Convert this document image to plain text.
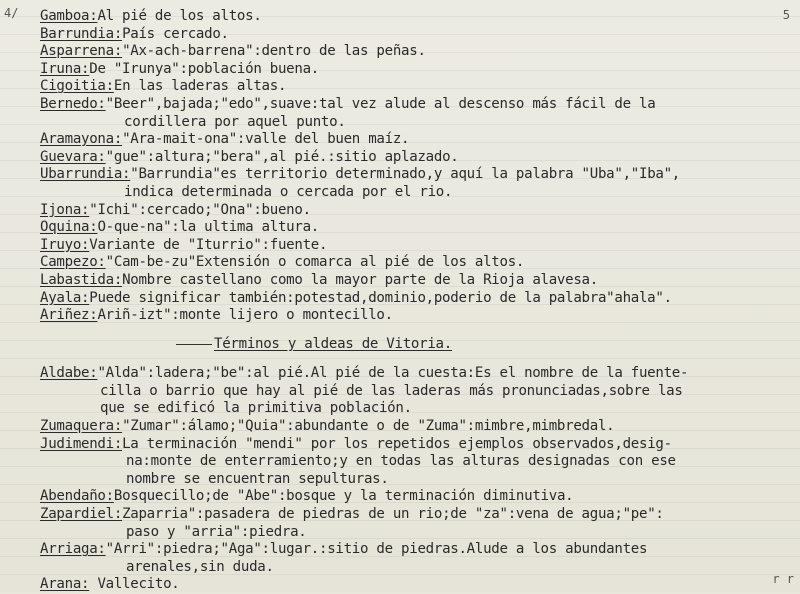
4/	5
r r
Gamboa:Al pié de los altos.
Barrundia:País cercado.
Asparrena:"Ax-ach-barrena":dentro de las peñas.
Iruna:De "Irunya":población buena.
Cigoitia:En las laderas altas.
Bernedo:"Beer",bajada;"edo",suave:tal vez alude al descenso más fácil de la
cordillera por aquel punto.
Aramayona:"Ara-mait-ona":valle del buen maíz.
Guevara:"gue":altura;"bera",al pié.:sitio aplazado.
Ubarrundia:"Barrundia"es territorio determinado,y aquí la palabra "Uba","Iba",
indica determinada o cercada por el rio.
Ijona:"Ichi":cercado;"Ona":bueno.
Oquina:O-que-na":la ultima altura.
Iruyo:Variante de "Iturrio":fuente.
Campezo:"Cam-be-zu"Extensión o comarca al pié de los altos.
Labastida:Nombre castellano como la mayor parte de la Rioja alavesa.
Ayala:Puede significar también:potestad,dominio,poderio de la palabra"ahala".
Ariñez:Ariñ-izt":monte lijero o montecillo.
Términos y aldeas de Vitoria.
Aldabe:"Alda":ladera;"be":al pié.Al pié de la cuesta:Es el nombre de la fuente-
cilla o barrio que hay al pié de las laderas más pronunciadas,sobre las
que se edificó la primitiva población.
Zumaquera:"Zumar":álamo;"Quia":abundante o de "Zuma":mimbre,mimbredal.
Judimendi:La terminación "mendi" por los repetidos ejemplos observados,desig-
na:monte de enterramiento;y en todas las alturas designadas con ese
nombre se encuentran sepulturas.
Abendaño:Bosquecillo;de "Abe":bosque y la terminación diminutiva.
Zapardiel:Zaparria":pasadera de piedras de un rio;de "za":vena de agua;"pe":
paso y "arria":piedra.
Arriaga:"Arri":piedra;"Aga":lugar.:sitio de piedras.Alude a los abundantes
arenales,sin duda.
Arana: Vallecito.
